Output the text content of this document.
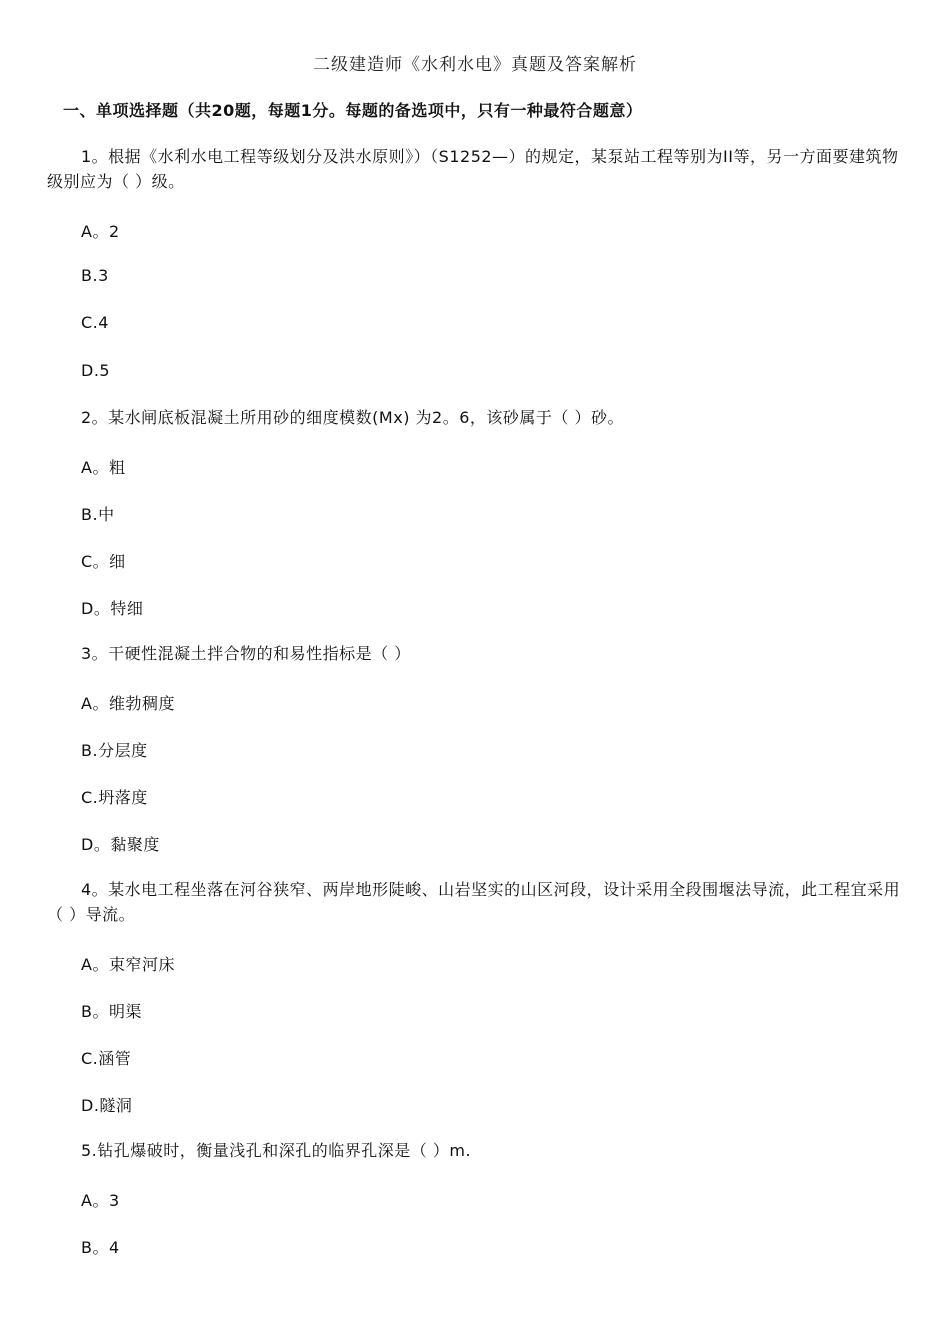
二级建造师《水利水电》真题及答案解析
一、单项选择题（共20题，每题1分。每题的备选项中，只有一种最符合题意）
1。根据《水利水电工程等级划分及洪水原则》）（S1252—）的规定，某泵站工程等别为II等，另一方面要建筑物级别应为（ ）级。
A。2
B.3
C.4
D.5
2。某水闸底板混凝土所用砂的细度模数(Mx) 为2。6，该砂属于（ ）砂。
A。粗
B.中
C。细
D。特细
3。干硬性混凝土拌合物的和易性指标是（ ）
A。维勃稠度
B.分层度
C.坍落度
D。黏聚度
4。某水电工程坐落在河谷狭窄、两岸地形陡峻、山岩坚实的山区河段，设计采用全段围堰法导流，此工程宜采用（ ）导流。
A。束窄河床
B。明渠
C.涵管
D.隧洞
5.钻孔爆破时，衡量浅孔和深孔的临界孔深是（ ）m.
A。3
B。4
